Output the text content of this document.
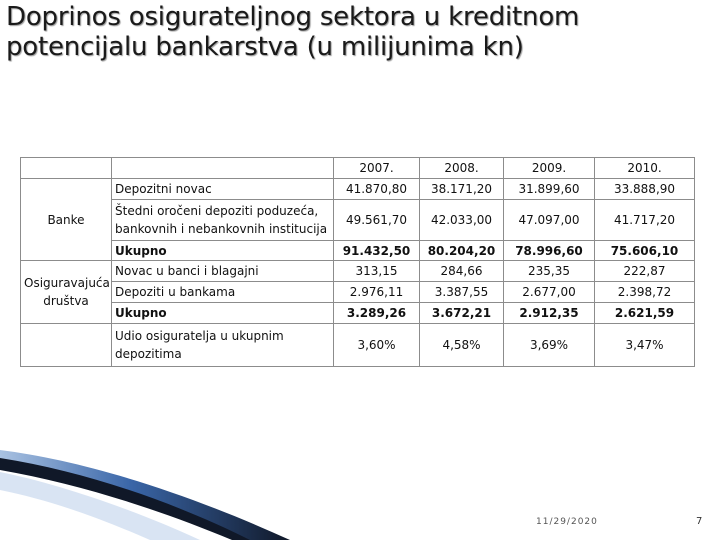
Doprinos osigurateljnog sektora u kreditnom potencijalu bankarstva (u milijunima kn)
		2007.	2008.	2009.	2010.
Banke	Depozitni novac	41.870,80	38.171,20	31.899,60	33.888,90
	Štedni oročeni depoziti poduzeća, bankovnih i nebankovnih institucija	49.561,70	42.033,00	47.097,00	41.717,20
	Ukupno	91.432,50	80.204,20	78.996,60	75.606,10
Osiguravajuća društva	Novac u banci i blagajni	313,15	284,66	235,35	222,87
	Depoziti u bankama	2.976,11	3.387,55	2.677,00	2.398,72
	Ukupno	3.289,26	3.672,21	2.912,35	2.621,59
	Udio osiguratelja u ukupnim depozitima	3,60%	4,58%	3,69%	3,47%
11/29/2020	7
